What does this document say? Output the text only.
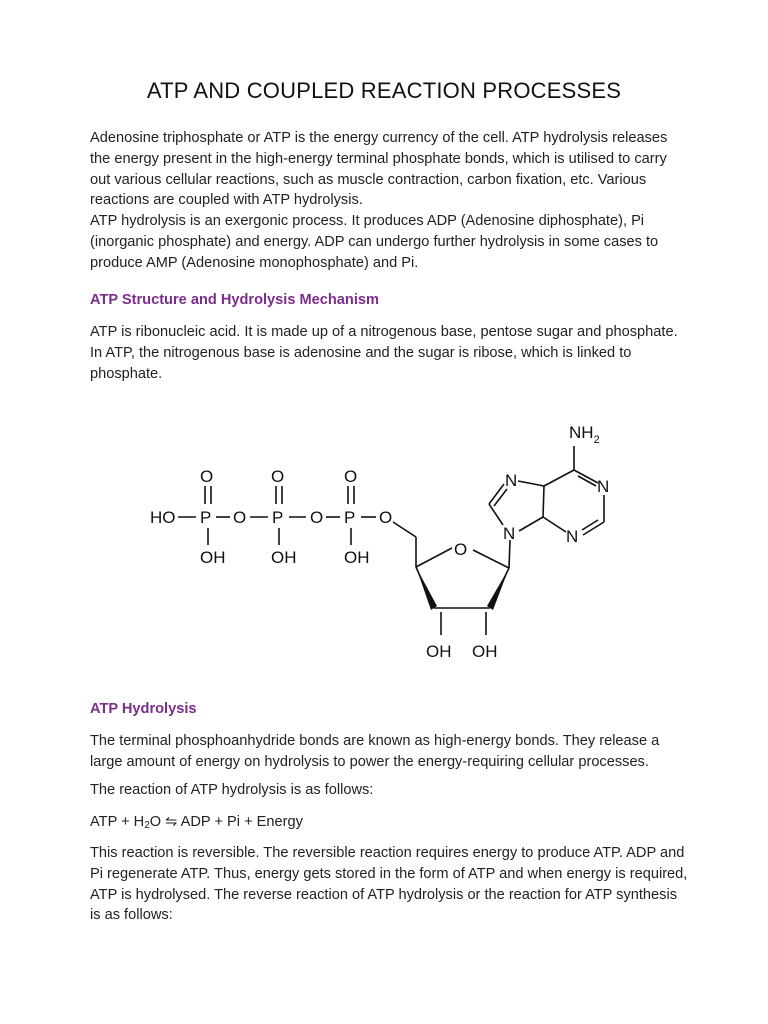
ATP AND COUPLED REACTION PROCESSES

Adenosine triphosphate or ATP is the energy currency of the cell. ATP hydrolysis releases the energy present in the high-energy terminal phosphate bonds, which is utilised to carry out various cellular reactions, such as muscle contraction, carbon fixation, etc. Various reactions are coupled with ATP hydrolysis.

ATP hydrolysis is an exergonic process. It produces ADP (Adenosine diphosphate), Pi (inorganic phosphate) and energy. ADP can undergo further hydrolysis in some cases to produce AMP (Adenosine monophosphate) and Pi.

ATP Structure and Hydrolysis Mechanism
ATP is ribonucleic acid. It is made up of a nitrogenous base, pentose sugar and phosphate. In ATP, the nitrogenous base is adenosine and the sugar is ribose, which is linked to phosphate.
HO P
O
OH
O P
O
OH
O P
O
OH
O
O
OH OH
N
N	N
N
$NH_2$
ATP Hydrolysis
The terminal phosphoanhydride bonds are known as high-energy bonds. They release a large amount of energy on hydrolysis to power the energy-requiring cellular processes.
The reaction of ATP hydrolysis is as follows:
ATP + $H_2O$ ⇋ ADP + Pi + Energy
This reaction is reversible. The reversible reaction requires energy to produce ATP. ADP and Pi regenerate ATP. Thus, energy gets stored in the form of ATP and when energy is required, ATP is hydrolysed. The reverse reaction of ATP hydrolysis or the reaction for ATP synthesis is as follows:
